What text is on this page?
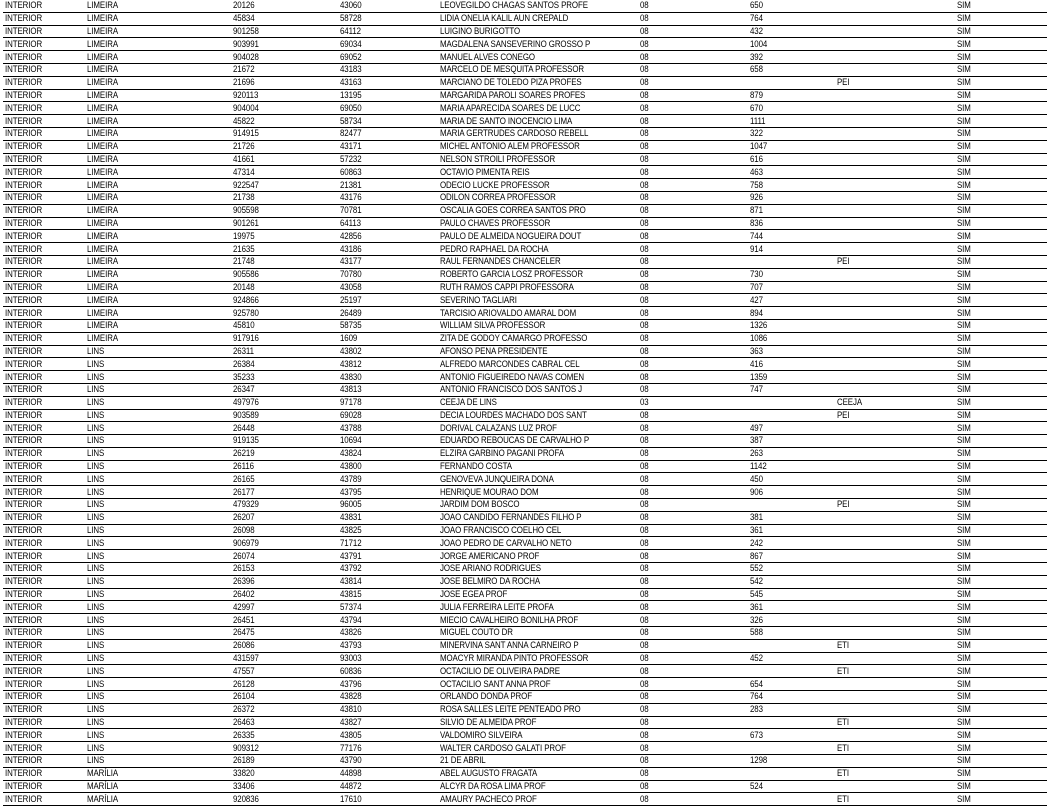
INTERIOR	LIMEIRA	20126	43060	LEOVEGILDO CHAGAS SANTOS PROFE	08	650		SIM
INTERIOR	LIMEIRA	45834	58728	LIDIA ONELIA KALIL AUN CREPALD	08	764		SIM
INTERIOR	LIMEIRA	901258	64112	LUIGINO BURIGOTTO	08	432		SIM
INTERIOR	LIMEIRA	903991	69034	MAGDALENA SANSEVERINO GROSSO P	08	1004		SIM
INTERIOR	LIMEIRA	904028	69052	MANUEL ALVES CONEGO	08	392		SIM
INTERIOR	LIMEIRA	21672	43183	MARCELO DE MESQUITA PROFESSOR	08	658		SIM
INTERIOR	LIMEIRA	21696	43163	MARCIANO DE TOLEDO PIZA PROFES	08		PEI	SIM
INTERIOR	LIMEIRA	920113	13195	MARGARIDA PAROLI SOARES PROFES	08	879		SIM
INTERIOR	LIMEIRA	904004	69050	MARIA APARECIDA SOARES DE LUCC	08	670		SIM
INTERIOR	LIMEIRA	45822	58734	MARIA DE SANTO INOCENCIO LIMA	08	1111		SIM
INTERIOR	LIMEIRA	914915	82477	MARIA GERTRUDES CARDOSO REBELL	08	322		SIM
INTERIOR	LIMEIRA	21726	43171	MICHEL ANTONIO ALEM PROFESSOR	08	1047		SIM
INTERIOR	LIMEIRA	41661	57232	NELSON STROILI PROFESSOR	08	616		SIM
INTERIOR	LIMEIRA	47314	60863	OCTAVIO PIMENTA REIS	08	463		SIM
INTERIOR	LIMEIRA	922547	21381	ODECIO LUCKE PROFESSOR	08	758		SIM
INTERIOR	LIMEIRA	21738	43176	ODILON CORREA PROFESSOR	08	926		SIM
INTERIOR	LIMEIRA	905598	70781	OSCALIA GOES CORREA SANTOS PRO	08	871		SIM
INTERIOR	LIMEIRA	901261	64113	PAULO CHAVES PROFESSOR	08	836		SIM
INTERIOR	LIMEIRA	19975	42856	PAULO DE ALMEIDA NOGUEIRA DOUT	08	744		SIM
INTERIOR	LIMEIRA	21635	43186	PEDRO RAPHAEL DA ROCHA	08	914		SIM
INTERIOR	LIMEIRA	21748	43177	RAUL FERNANDES CHANCELER	08		PEI	SIM
INTERIOR	LIMEIRA	905586	70780	ROBERTO GARCIA LOSZ PROFESSOR	08	730		SIM
INTERIOR	LIMEIRA	20148	43058	RUTH RAMOS CAPPI PROFESSORA	08	707		SIM
INTERIOR	LIMEIRA	924866	25197	SEVERINO TAGLIARI	08	427		SIM
INTERIOR	LIMEIRA	925780	26489	TARCISIO ARIOVALDO AMARAL DOM	08	894		SIM
INTERIOR	LIMEIRA	45810	58735	WILLIAM SILVA PROFESSOR	08	1326		SIM
INTERIOR	LIMEIRA	917916	1609	ZITA DE GODOY CAMARGO PROFESSO	08	1086		SIM
INTERIOR	LINS	26311	43802	AFONSO PENA PRESIDENTE	08	363		SIM
INTERIOR	LINS	26384	43812	ALFREDO MARCONDES CABRAL CEL	08	416		SIM
INTERIOR	LINS	35233	43830	ANTONIO FIGUEIREDO NAVAS COMEN	08	1359		SIM
INTERIOR	LINS	26347	43813	ANTONIO FRANCISCO DOS SANTOS J	08	747		SIM
INTERIOR	LINS	497976	97178	CEEJA DE LINS	03		CEEJA	SIM
INTERIOR	LINS	903589	69028	DECIA LOURDES MACHADO DOS SANT	08		PEI	SIM
INTERIOR	LINS	26448	43788	DORIVAL CALAZANS LUZ PROF	08	497		SIM
INTERIOR	LINS	919135	10694	EDUARDO REBOUCAS DE CARVALHO P	08	387		SIM
INTERIOR	LINS	26219	43824	ELZIRA GARBINO PAGANI PROFA	08	263		SIM
INTERIOR	LINS	26116	43800	FERNANDO COSTA	08	1142		SIM
INTERIOR	LINS	26165	43789	GENOVEVA JUNQUEIRA DONA	08	450		SIM
INTERIOR	LINS	26177	43795	HENRIQUE MOURAO DOM	08	906		SIM
INTERIOR	LINS	479329	96005	JARDIM DOM BOSCO	08		PEI	SIM
INTERIOR	LINS	26207	43831	JOAO CANDIDO FERNANDES FILHO P	08	381		SIM
INTERIOR	LINS	26098	43825	JOAO FRANCISCO COELHO CEL	08	361		SIM
INTERIOR	LINS	906979	71712	JOAO PEDRO DE CARVALHO NETO	08	242		SIM
INTERIOR	LINS	26074	43791	JORGE AMERICANO PROF	08	867		SIM
INTERIOR	LINS	26153	43792	JOSE ARIANO RODRIGUES	08	552		SIM
INTERIOR	LINS	26396	43814	JOSE BELMIRO DA ROCHA	08	542		SIM
INTERIOR	LINS	26402	43815	JOSE EGEA PROF	08	545		SIM
INTERIOR	LINS	42997	57374	JULIA FERREIRA LEITE PROFA	08	361		SIM
INTERIOR	LINS	26451	43794	MIECIO CAVALHEIRO BONILHA PROF	08	326		SIM
INTERIOR	LINS	26475	43826	MIGUEL COUTO DR	08	588		SIM
INTERIOR	LINS	26086	43793	MINERVINA SANT ANNA CARNEIRO P	08		ETI	SIM
INTERIOR	LINS	431597	93003	MOACYR MIRANDA PINTO PROFESSOR	08	452		SIM
INTERIOR	LINS	47557	60836	OCTACILIO DE OLIVEIRA PADRE	08		ETI	SIM
INTERIOR	LINS	26128	43796	OCTACILIO SANT ANNA PROF	08	654		SIM
INTERIOR	LINS	26104	43828	ORLANDO DONDA PROF	08	764		SIM
INTERIOR	LINS	26372	43810	ROSA SALLES LEITE PENTEADO PRO	08	283		SIM
INTERIOR	LINS	26463	43827	SILVIO DE ALMEIDA PROF	08		ETI	SIM
INTERIOR	LINS	26335	43805	VALDOMIRO SILVEIRA	08	673		SIM
INTERIOR	LINS	909312	77176	WALTER CARDOSO GALATI PROF	08		ETI	SIM
INTERIOR	LINS	26189	43790	21 DE ABRIL	08	1298		SIM
INTERIOR	MARÍLIA	33820	44898	ABEL AUGUSTO FRAGATA	08		ETI	SIM
INTERIOR	MARÍLIA	33406	44872	ALCYR DA ROSA LIMA PROF	08	524		SIM
INTERIOR	MARÍLIA	920836	17610	AMAURY PACHECO PROF	08		ETI	SIM
